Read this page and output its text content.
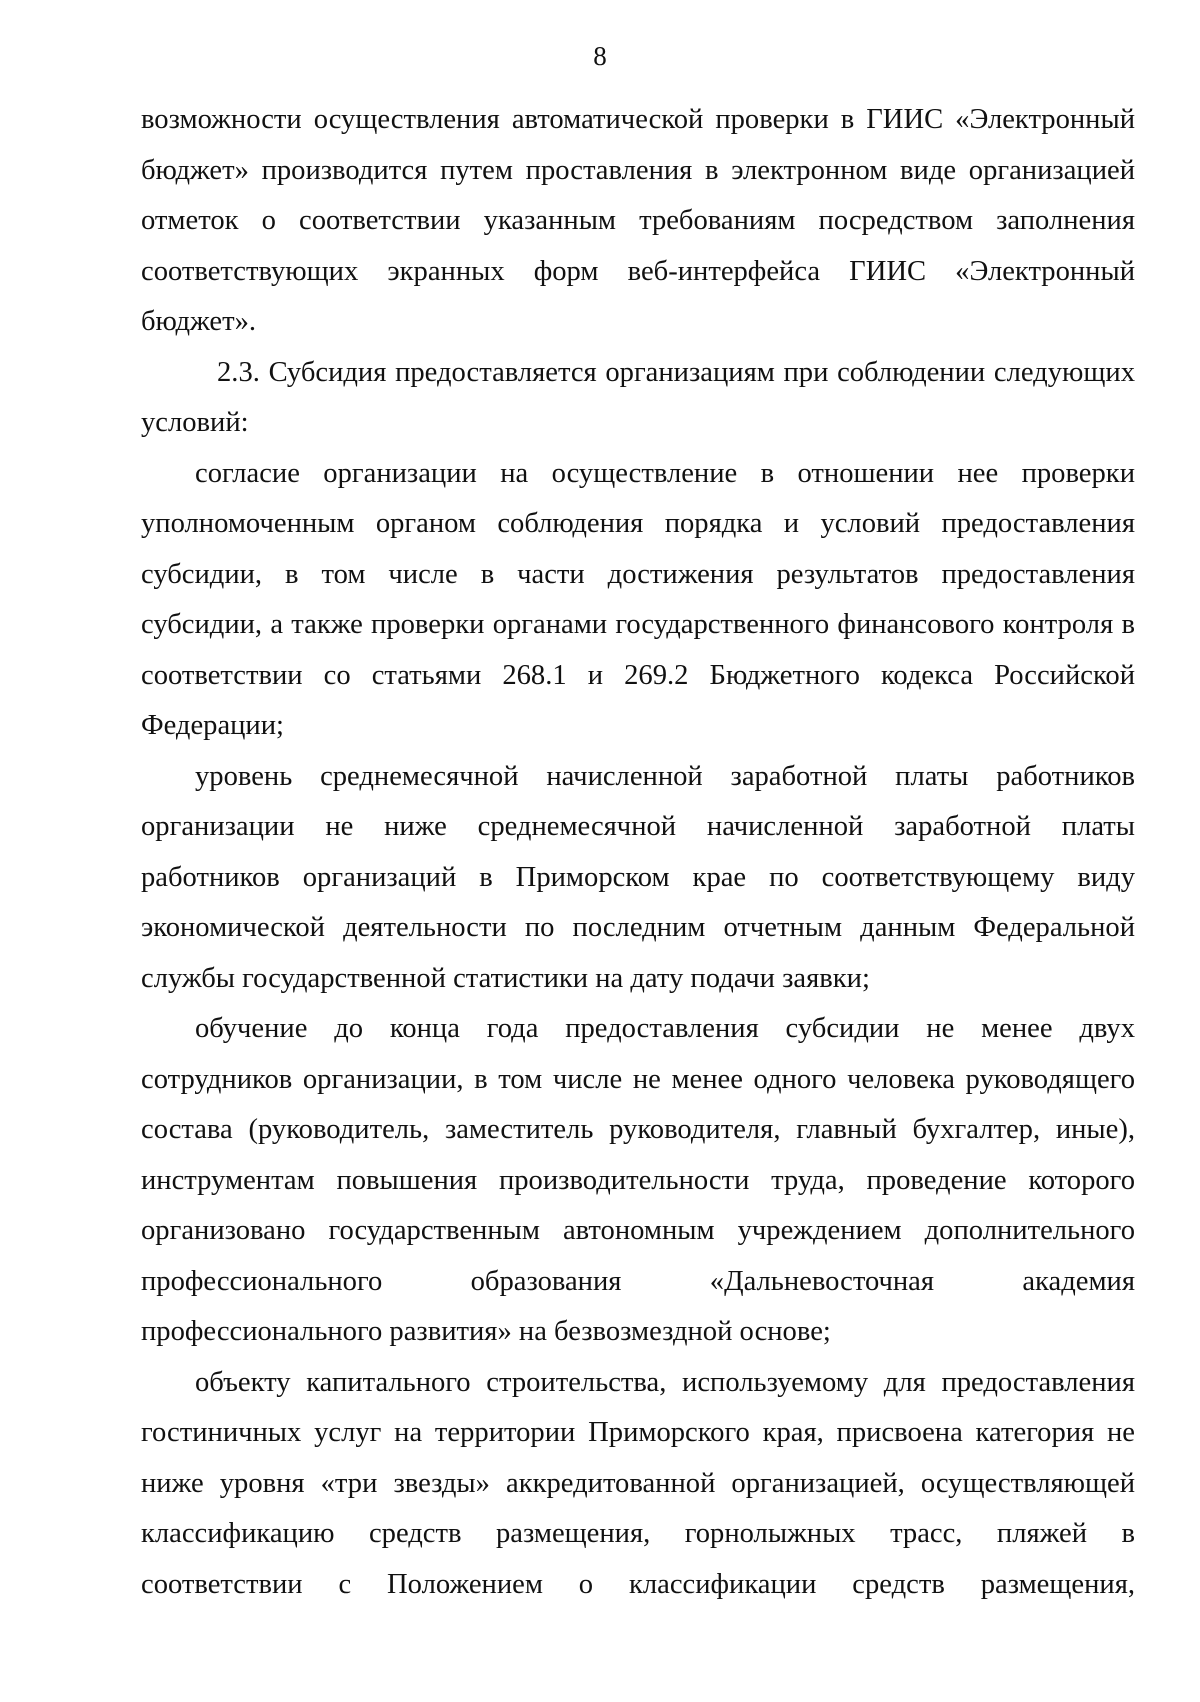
8

возможности осуществления автоматической проверки в ГИИС «Электронный бюджет» производится путем проставления в электронном виде организацией отметок о соответствии указанным требованиям посредством заполнения соответствующих экранных форм веб-интерфейса ГИИС «Электронный бюджет».

2.3. Субсидия предоставляется организациям при соблюдении следующих условий:

согласие организации на осуществление в отношении нее проверки уполномоченным органом соблюдения порядка и условий предоставления субсидии, в том числе в части достижения результатов предоставления субсидии, а также проверки органами государственного финансового контроля в соответствии со статьями 268.1 и 269.2 Бюджетного кодекса Российской Федерации;

уровень среднемесячной начисленной заработной платы работников организации не ниже среднемесячной начисленной заработной платы работников организаций в Приморском крае по соответствующему виду экономической деятельности по последним отчетным данным Федеральной службы государственной статистики на дату подачи заявки;

обучение до конца года предоставления субсидии не менее двух сотрудников организации, в том числе не менее одного человека руководящего состава (руководитель, заместитель руководителя, главный бухгалтер, иные), инструментам повышения производительности труда, проведение которого организовано государственным автономным учреждением дополнительного профессионального образования «Дальневосточная академия профессионального развития» на безвозмездной основе;

объекту капитального строительства, используемому для предоставления гостиничных услуг на территории Приморского края, присвоена категория не ниже уровня «три звезды» аккредитованной организацией, осуществляющей классификацию средств размещения, горнолыжных трасс, пляжей в соответствии с Положением о классификации средств размещения,
